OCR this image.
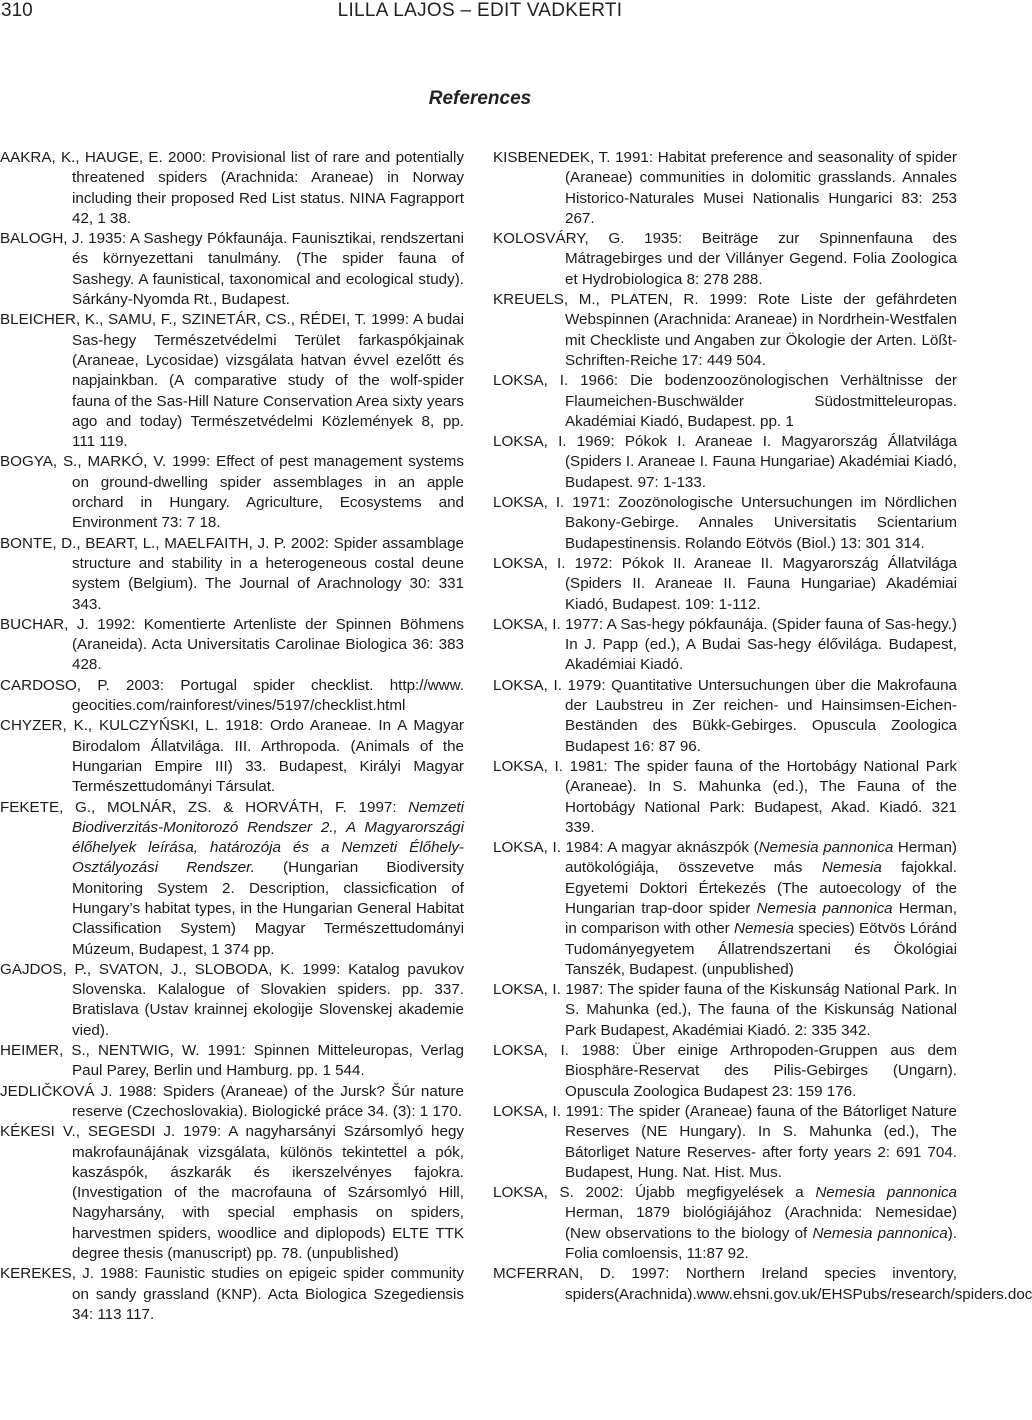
310	LILLA LAJOS – EDIT VADKERTI
References

AAKRA, K., HAUGE, E. 2000: Provisional list of rare and potentially threatened spiders (Arachnida: Araneae) in Norway including their proposed Red List status. NINA Fagrapport 42, 1 38.

BALOGH, J. 1935: A Sashegy Pókfaunája. Faunisztikai, rendszertani és környezettani tanulmány. (The spider fauna of Sashegy. A faunistical, taxonomical and ecological study). Sárkány-Nyomda Rt., Budapest.

BLEICHER, K., SAMU, F., SZINETÁR, CS., RÉDEI, T. 1999: A budai Sas-hegy Természetvédelmi Terület farkaspókjainak (Araneae, Lycosidae) vizsgálata hatvan évvel ezelőtt és napjainkban. (A comparative study of the wolf-spider fauna of the Sas-Hill Nature Conservation Area sixty years ago and today) Természetvédelmi Közlemények 8, pp. 111 119.

BOGYA, S., MARKÓ, V. 1999: Effect of pest management systems on ground-dwelling spider assemblages in an apple orchard in Hungary. Agriculture, Ecosystems and Environment 73: 7 18.

BONTE, D., BEART, L., MAELFAITH, J. P. 2002: Spider assamblage structure and stability in a heterogeneous costal deune system (Belgium). The Journal of Arachnology 30: 331 343.

BUCHAR, J. 1992: Komentierte Artenliste der Spinnen Böhmens (Araneida). Acta Universitatis Carolinae Biologica 36: 383 428.

CARDOSO, P. 2003: Portugal spider checklist. http://www. geocities.com/rainforest/vines/5197/checklist.html

CHYZER, K., KULCZYŃSKI, L. 1918: Ordo Araneae. In A Magyar Birodalom Állatvilága. III. Arthropoda. (Animals of the Hungarian Empire III) 33. Budapest, Királyi Magyar Természettudományi Társulat.

FEKETE, G., MOLNÁR, ZS. & HORVÁTH, F. 1997: Nemzeti Biodiverzitás-Monitorozó Rendszer 2., A Magyarországi élőhelyek leírása, határozója és a Nemzeti Élőhely-Osztályozási Rendszer. (Hungarian Biodiversity Monitoring System 2. Description, classicfication of Hungary’s habitat types, in the Hungarian General Habitat Classification System) Magyar Természettudományi Múzeum, Budapest, 1 374 pp.

GAJDOS, P., SVATON, J., SLOBODA, K. 1999: Katalog pavukov Slovenska. Kalalogue of Slovakien spiders. pp. 337. Bratislava (Ustav krainnej ekologije Slovenskej akademie vied).

HEIMER, S., NENTWIG, W. 1991: Spinnen Mitteleuropas, Verlag Paul Parey, Berlin und Hamburg. pp. 1 544.

JEDLIČKOVÁ J. 1988: Spiders (Araneae) of the Jursk? Šúr nature reserve (Czechoslovakia). Biologické práce 34. (3): 1 170.

KÉKESI V., SEGESDI J. 1979: A nagyharsányi Szársomlyó hegy makrofaunájának vizsgálata, különös tekintettel a pók, kaszáspók, ászkarák és ikerszelvényes fajokra. (Investigation of the macrofauna of Szársomlyó Hill, Nagyharsány, with special emphasis on spiders, harvestmen spiders, woodlice and diplopods) ELTE TTK degree thesis (manuscript) pp. 78. (unpublished)

KEREKES, J. 1988: Faunistic studies on epigeic spider community on sandy grassland (KNP). Acta Biologica Szegediensis 34: 113 117.

KISBENEDEK, T. 1991: Habitat preference and seasonality of spider (Araneae) communities in dolomitic grasslands. Annales Historico-Naturales Musei Nationalis Hungarici 83: 253 267.

KOLOSVÁRY, G. 1935: Beiträge zur Spinnenfauna des Mátragebirges und der Villányer Gegend. Folia Zoologica et Hydrobiologica 8: 278 288.

KREUELS, M., PLATEN, R. 1999: Rote Liste der gefährdeten Webspinnen (Arachnida: Araneae) in Nordrhein-Westfalen mit Checkliste und Angaben zur Ökologie der Arten. Lößt-Schriften-Reiche 17: 449 504.

LOKSA, I. 1966: Die bodenzoozönologischen Verhältnisse der Flaumeichen-Buschwälder Südostmitteleuropas. Akadémiai Kiadó, Budapest. pp. 1

LOKSA, I. 1969: Pókok I. Araneae I. Magyarország Állatvilága (Spiders I. Araneae I. Fauna Hungariae) Akadémiai Kiadó, Budapest. 97: 1-133.

LOKSA, I. 1971: Zoozönologische Untersuchungen im Nördlichen Bakony-Gebirge. Annales Universitatis Scientarium Budapestinensis. Rolando Eötvös (Biol.) 13: 301 314.

LOKSA, I. 1972: Pókok II. Araneae II. Magyarország Állatvilága (Spiders II. Araneae II. Fauna Hungariae) Akadémiai Kiadó, Budapest. 109: 1-112.

LOKSA, I. 1977: A Sas-hegy pókfaunája. (Spider fauna of Sas-hegy.) In J. Papp (ed.), A Budai Sas-hegy élővilága. Budapest, Akadémiai Kiadó.

LOKSA, I. 1979: Quantitative Untersuchungen über die Makrofauna der Laubstreu in Zer reichen- und Hainsimsen-Eichen-Beständen des Bükk-Gebirges. Opuscula Zoologica Budapest 16: 87 96.

LOKSA, I. 1981: The spider fauna of the Hortobágy National Park (Araneae). In S. Mahunka (ed.), The Fauna of the Hortobágy National Park: Budapest, Akad. Kiadó. 321 339.

LOKSA, I. 1984: A magyar aknászpók (Nemesia pannonica Herman) autökológiája, összevetve más Nemesia fajokkal. Egyetemi Doktori Értekezés (The autoecology of the Hungarian trap-door spider Nemesia pannonica Herman, in comparison with other Nemesia species) Eötvös Lóránd Tudományegyetem Állatrendszertani és Ökológiai Tanszék, Budapest. (unpublished)

LOKSA, I. 1987: The spider fauna of the Kiskunság National Park. In S. Mahunka (ed.), The fauna of the Kiskunság National Park Budapest, Akadémiai Kiadó. 2: 335 342.

LOKSA, I. 1988: Über einige Arthropoden-Gruppen aus dem Biosphäre-Reservat des Pilis-Gebirges (Ungarn). Opuscula Zoologica Budapest 23: 159 176.

LOKSA, I. 1991: The spider (Araneae) fauna of the Bátorliget Nature Reserves (NE Hungary). In S. Mahunka (ed.), The Bátorliget Nature Reserves- after forty years 2: 691 704. Budapest, Hung. Nat. Hist. Mus.

LOKSA, S. 2002: Újabb megfigyelések a Nemesia pannonica Herman, 1879 biológiájához (Arachnida: Nemesidae) (New observations to the biology of Nemesia pannonica). Folia comloensis, 11:87 92.

MCFERRAN, D. 1997: Northern Ireland species inventory, spiders(Arachnida).www.ehsni.gov.uk/EHSPubs/research/spiders.doc
